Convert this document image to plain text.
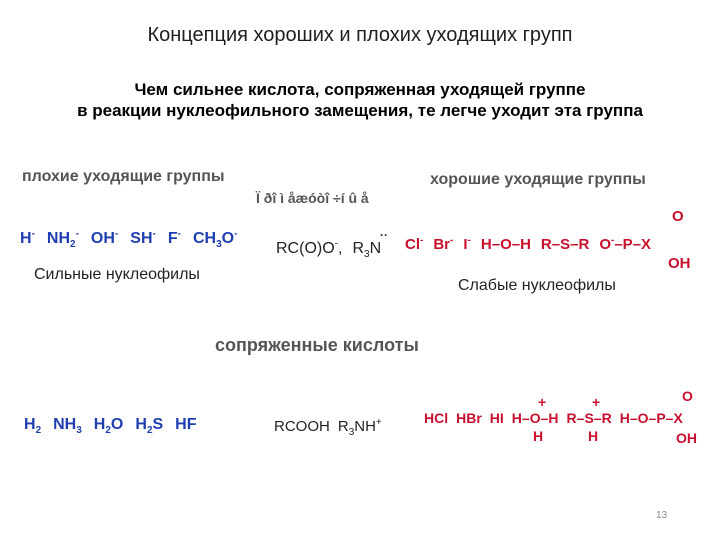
Концепция хороших и плохих уходящих групп
Чем сильнее кислота, сопряженная уходящей группе
в реакции нуклеофильного замещения, те легче уходит эта группа
плохие уходящие группы
Ï ðî ì åæóòî ÷í û å
хорошие уходящие группы
H- $NH_2^-$ OH- SH- F- $CH_3O^-$
Сильные нуклеофилы
RC(O)O-, $R_3N$
··
Cl- Br- I- H–O–H R–S–R O-–P–X
O
OH
Слабые нуклеофилы
сопряженные кислоты
$H_2$ $NH_3$ $H_2O$ $H_2S$ HF	RCOOH $R_3NH^+$	HCl HBr HI H–O–H R–S–R H–O–P–X
+
H
+
H
O
OH
13
